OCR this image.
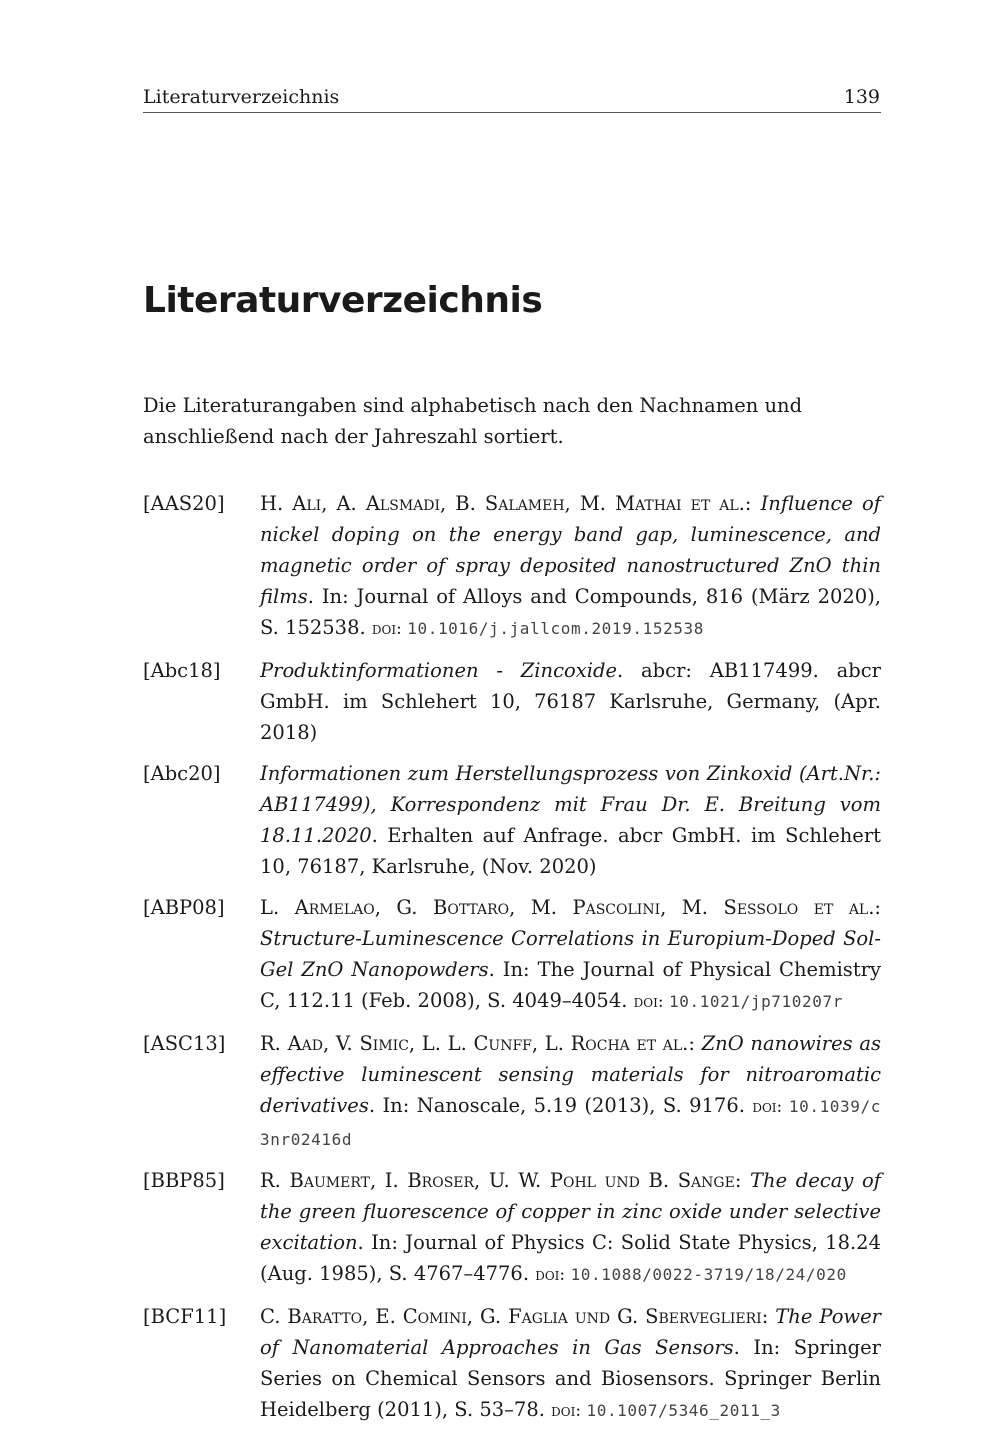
Literaturverzeichnis	139
Literaturverzeichnis

Die Literaturangaben sind alphabetisch nach den Nachnamen und anschließend nach der Jahreszahl sortiert.

[AAS20] H. Ali, A. Alsmadi, B. Salameh, M. Mathai et al.: Influence of nickel doping on the energy band gap, luminescence, and magnetic order of spray deposited nanostructured ZnO thin films. In: Journal of Alloys and Compounds, 816 (März 2020), S. 152538. doi: 10.1016/j.jallcom.2019.152538
[Abc18] Produktinformationen - Zincoxide. abcr: AB117499. abcr GmbH. im Schlehert 10, 76187 Karlsruhe, Germany, (Apr. 2018)
[Abc20] Informationen zum Herstellungsprozess von Zinkoxid (Art.Nr.: AB117499), Korrespondenz mit Frau Dr. E. Breitung vom 18.11.2020. Erhalten auf Anfrage. abcr GmbH. im Schlehert 10, 76187, Karlsruhe, (Nov. 2020)
[ABP08] L. Armelao, G. Bottaro, M. Pascolini, M. Sessolo et al.: Structure-Luminescence Correlations in Europium-Doped Sol-Gel ZnO Nanopowders. In: The Journal of Physical Chemistry C, 112.11 (Feb. 2008), S. 4049–4054. doi: 10.1021/jp710207r
[ASC13] R. Aad, V. Simic, L. L. Cunff, L. Rocha et al.: ZnO nanowires as effective luminescent sensing materials for nitroaromatic derivatives. In: Nanoscale, 5.19 (2013), S. 9176. doi: 10.1039/c3nr02416d
[BBP85] R. Baumert, I. Broser, U. W. Pohl und B. Sange: The decay of the green fluorescence of copper in zinc oxide under selective excitation. In: Journal of Physics C: Solid State Physics, 18.24 (Aug. 1985), S. 4767–4776. doi: 10.1088/0022-3719/18/24/020
[BCF11] C. Baratto, E. Comini, G. Faglia und G. Sberveglieri: The Power of Nanomaterial Approaches in Gas Sensors. In: Springer Series on Chemical Sensors and Biosensors. Springer Berlin Heidelberg (2011), S. 53–78. doi: 10.1007/5346_2011_3
